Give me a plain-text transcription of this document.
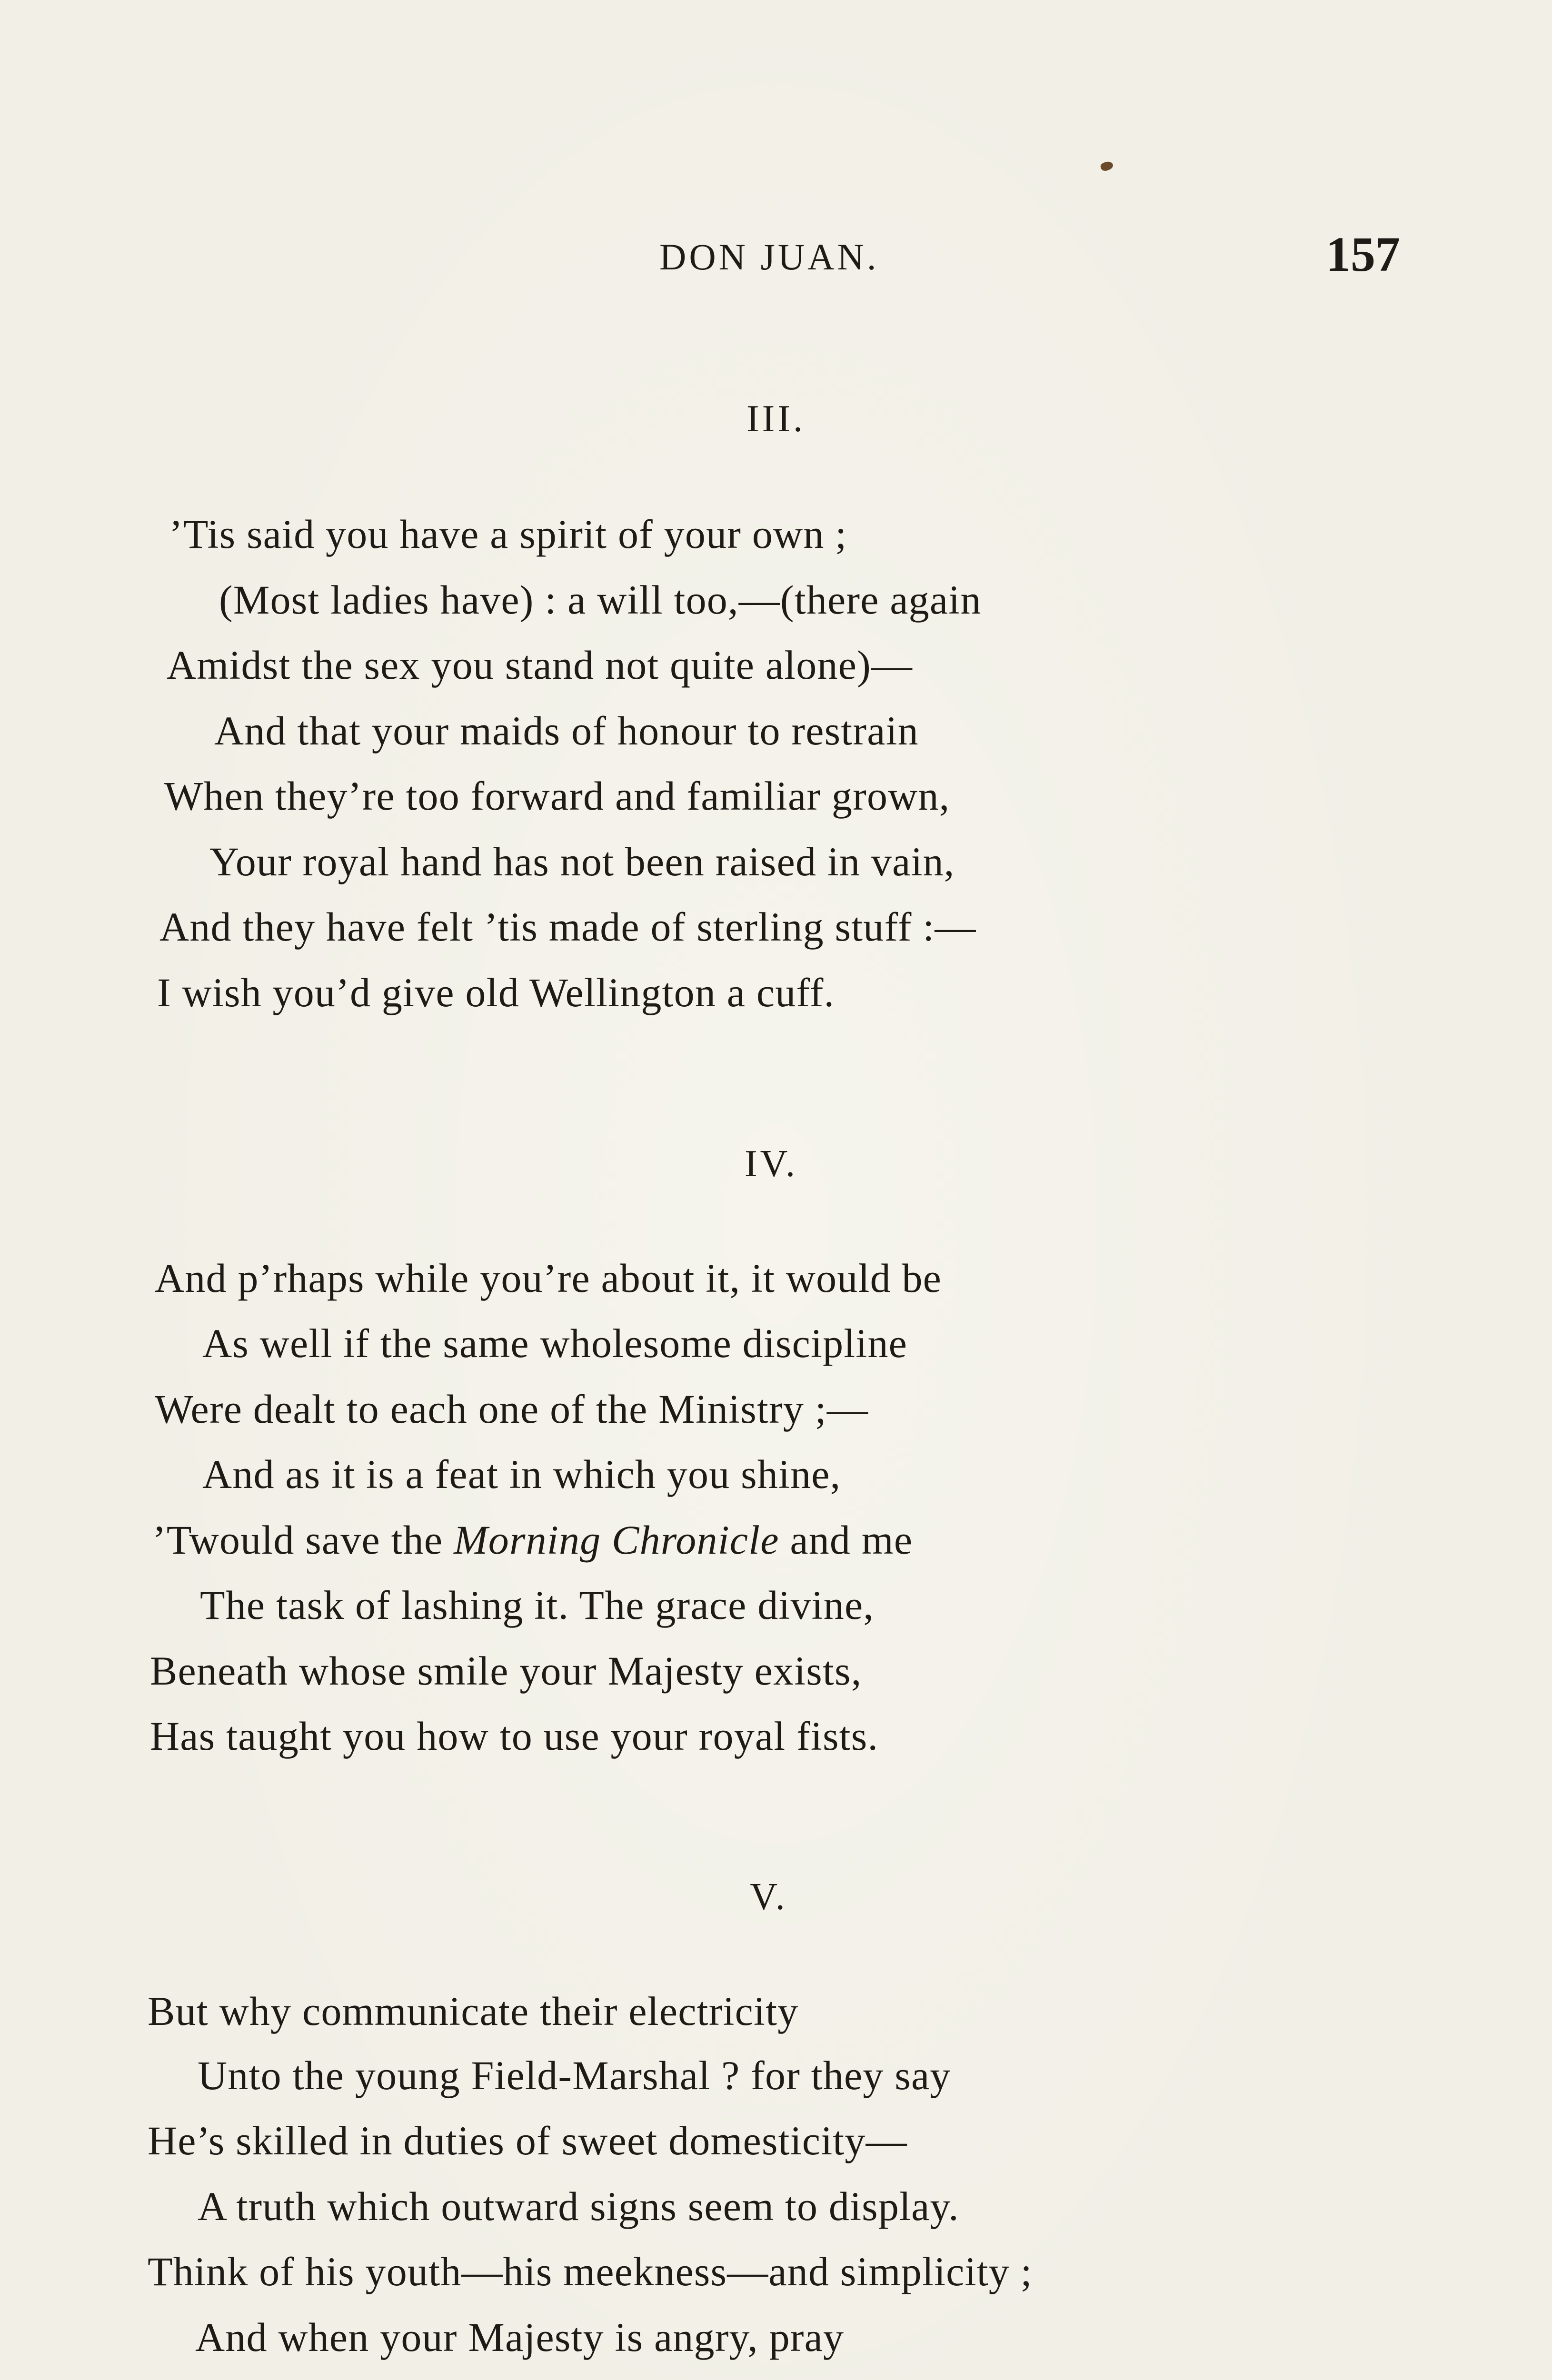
DON JUAN.	157
III.
’Tis said you have a spirit of your own ;
(Most ladies have) : a will too,—(there again
Amidst the sex you stand not quite alone)—
And that your maids of honour to restrain
When they’re too forward and familiar grown,
Your royal hand has not been raised in vain,
And they have felt ’tis made of sterling stuff :—
I wish you’d give old Wellington a cuff.
IV.
And p’rhaps while you’re about it, it would be
As well if the same wholesome discipline
Were dealt to each one of the Ministry ;—
And as it is a feat in which you shine,
’Twould save the Morning Chronicle and me
The task of lashing it. The grace divine,
Beneath whose smile your Majesty exists,
Has taught you how to use your royal fists.
V.
But why communicate their electricity
Unto the young Field-Marshal ? for they say
He’s skilled in duties of sweet domesticity—
A truth which outward signs seem to display.
Think of his youth—his meekness—and simplicity ;
And when your Majesty is angry, pray
